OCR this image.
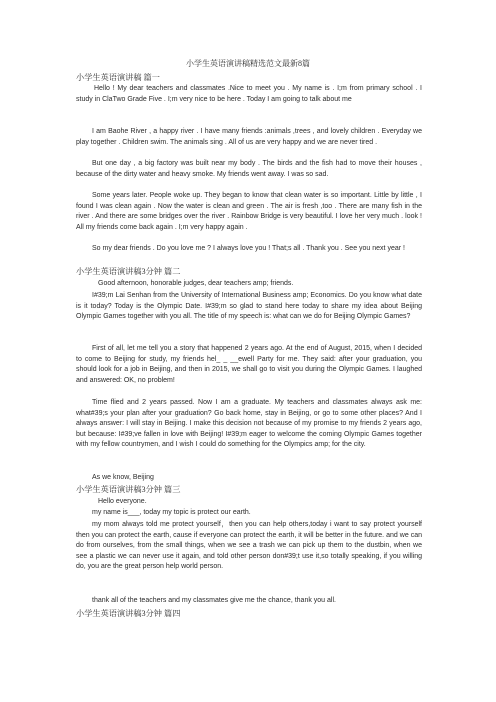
小学生英语演讲稿精选范文最新8篇
小学生英语演讲稿 篇一
Hello ! My dear teachers and classmates .Nice to meet you . My name is . I;m from primary school . I study in ClaTwo Grade Five . I;m very nice to be here . Today I am going to talk about me
I am Baohe River , a happy river . I have many friends :animals ,trees , and lovely children . Everyday we play together . Children swim. The animals sing . All of us are very happy and we are never tired .
But one day , a big factory was built near my body . The birds and the fish had to move their houses , because of the dirty water and heavy smoke. My friends went away. I was so sad.
Some years later. People woke up. They began to know that clean water is so important. Little by little , I found I was clean again . Now the water is clean and green . The air is fresh ,too . There are many fish in the river . And there are some bridges over the river . Rainbow Bridge is very beautiful. I love her very much . look ! All my friends come back again . I;m very happy again .
So my dear friends . Do you love me ? I always love you ! That;s all . Thank you . See you next year !
小学生英语演讲稿3分钟 篇二
Good afternoon, honorable judges, dear teachers amp; friends.
I#39;m Lai Senhan from the University of International Business amp; Economics. Do you know what date is it today? Today is the Olympic Date. I#39;m so glad to stand here today to share my idea about Beijing Olympic Games together with you all. The title of my speech is: what can we do for Beijing Olympic Games?
First of all, let me tell you a story that happened 2 years ago. At the end of August, 2015, when I decided to come to Beijing for study, my friends hel_ _ __ewell Party for me. They said: after your graduation, you should look for a job in Beijing, and then in 2015, we shall go to visit you during the Olympic Games. I laughed and answered: OK, no problem!
Time flied and 2 years passed. Now I am a graduate. My teachers and classmates always ask me: what#39;s your plan after your graduation? Go back home, stay in Beijing, or go to some other places? And I always answer: I will stay in Beijing. I make this decision not because of my promise to my friends 2 years ago, but because: I#39;ve fallen in love with Beijing! I#39;m eager to welcome the coming Olympic Games together with my fellow countrymen, and I wish I could do something for the Olympics amp; for the city.
As we know, Beijing
小学生英语演讲稿3分钟 篇三
Hello everyone.
my name is___, today my topic is protect our earth.
my mom always told me protect yourself，then you can help others,today i want to say protect yourself then you can protect the earth, cause if everyone can protect the earth, it will be better in the future. and we can do from ourselves, from the small things, when we see a trash we can pick up them to the dustbin, when we see a plastic we can never use it again, and told other person don#39;t use it,so totally speaking, if you willing do, you are the great person help world person.
thank all of the teachers and my classmates give me the chance, thank you all.
小学生英语演讲稿3分钟 篇四
